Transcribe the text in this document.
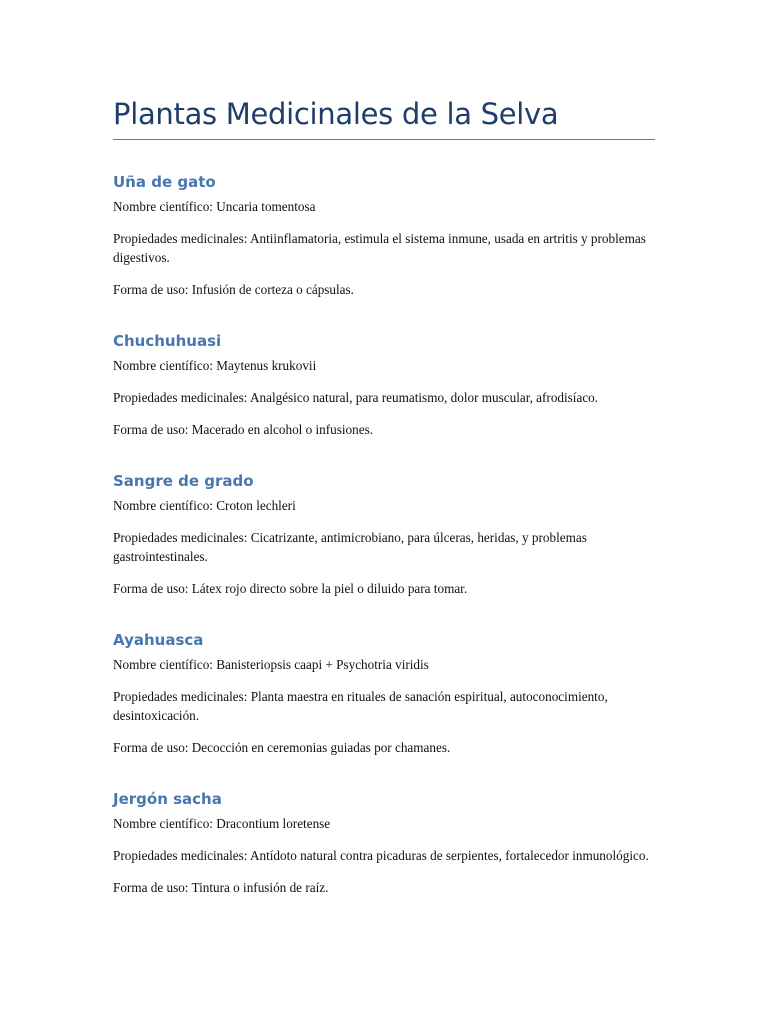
Plantas Medicinales de la Selva
Uña de gato

Nombre científico: Uncaria tomentosa

Propiedades medicinales: Antiinflamatoria, estimula el sistema inmune, usada en artritis y problemas digestivos.

Forma de uso: Infusión de corteza o cápsulas.

Chuchuhuasi

Nombre científico: Maytenus krukovii

Propiedades medicinales: Analgésico natural, para reumatismo, dolor muscular, afrodisíaco.

Forma de uso: Macerado en alcohol o infusiones.

Sangre de grado

Nombre científico: Croton lechleri

Propiedades medicinales: Cicatrizante, antimicrobiano, para úlceras, heridas, y problemas gastrointestinales.

Forma de uso: Látex rojo directo sobre la piel o diluido para tomar.

Ayahuasca

Nombre científico: Banisteriopsis caapi + Psychotria viridis

Propiedades medicinales: Planta maestra en rituales de sanación espiritual, autoconocimiento, desintoxicación.

Forma de uso: Decocción en ceremonias guiadas por chamanes.

Jergón sacha

Nombre científico: Dracontium loretense

Propiedades medicinales: Antídoto natural contra picaduras de serpientes, fortalecedor inmunológico.

Forma de uso: Tintura o infusión de raíz.
